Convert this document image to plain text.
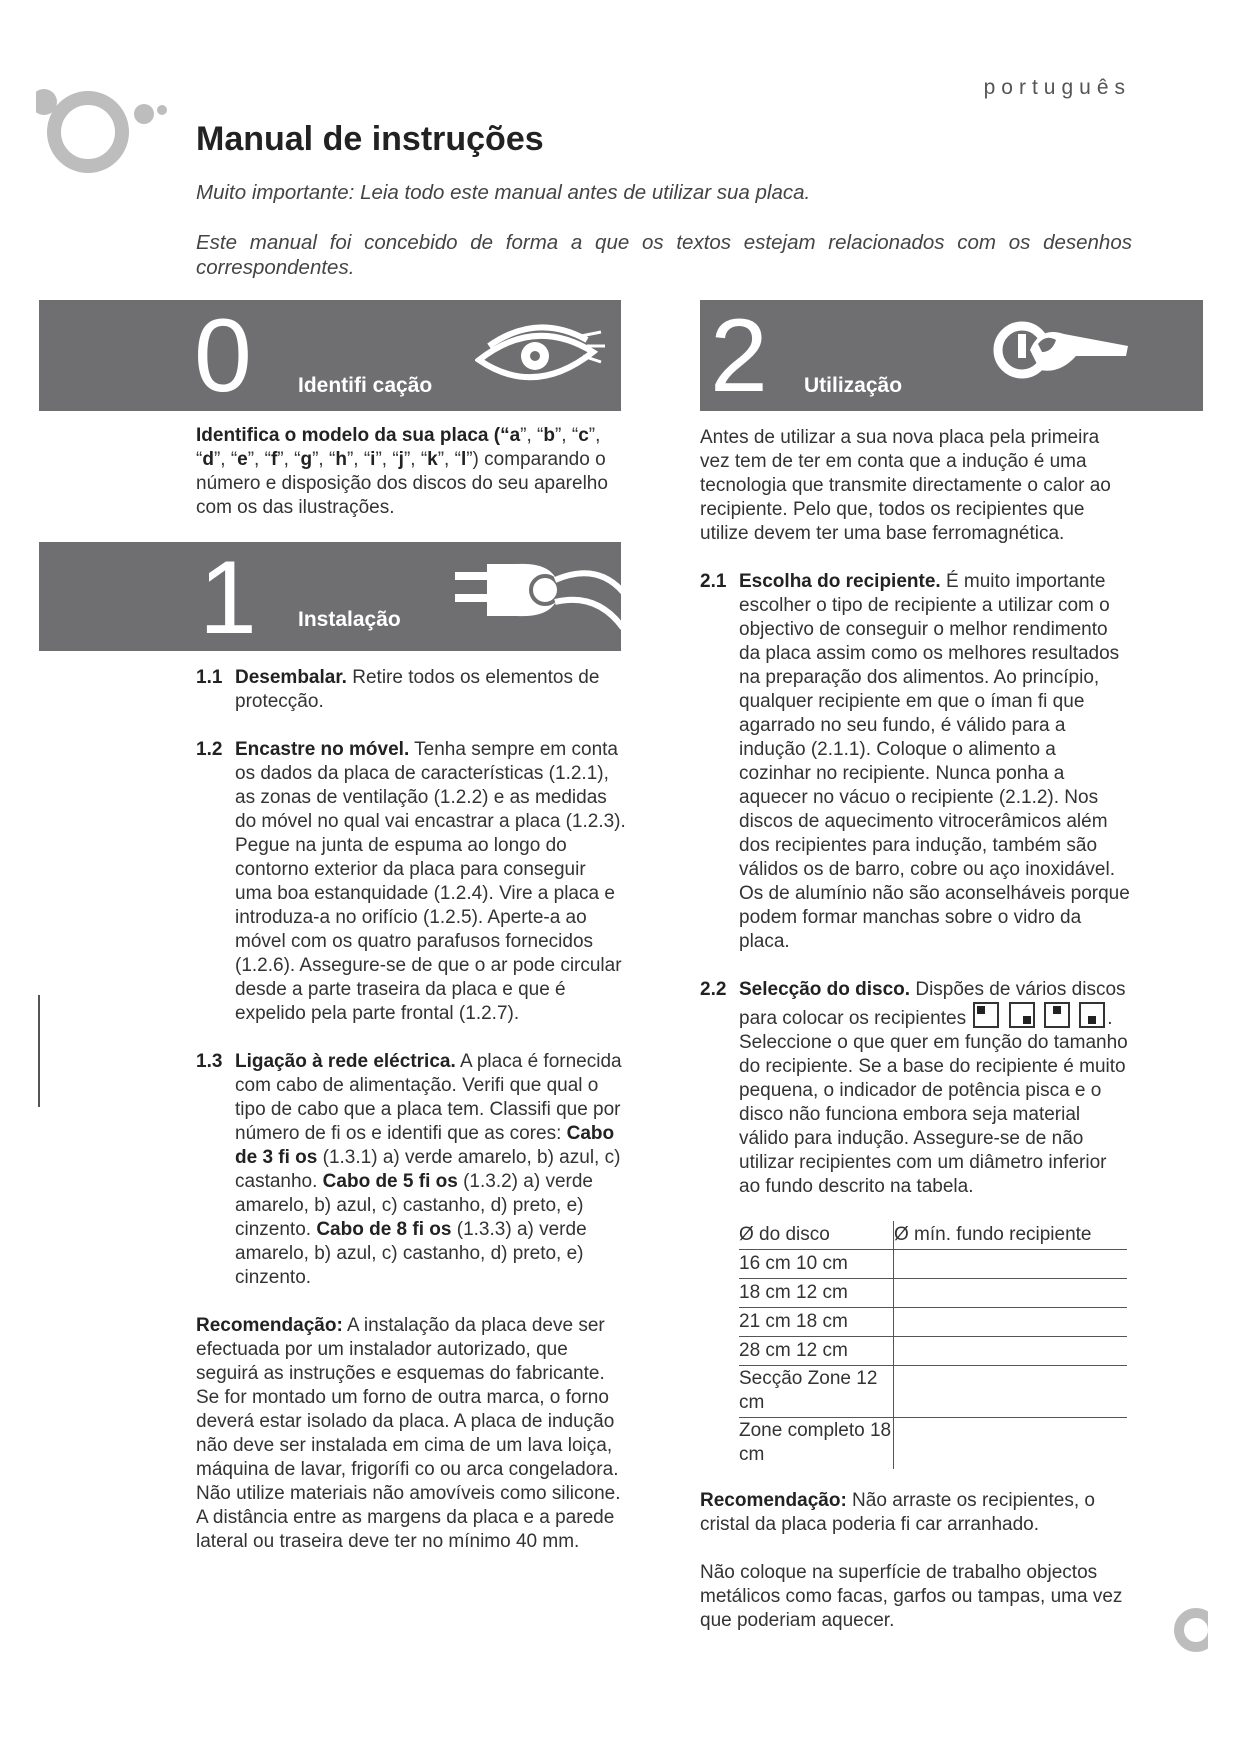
português
Manual de instruções

Muito importante: Leia todo este manual antes de utilizar sua placa.

Este manual foi concebido de forma a que os textos estejam relacionados com os desenhos correspondentes.

0 Identifi cação

Identifica o modelo da sua placa (“a”, “b”, “c”, “d”, “e”, “f”, “g”, “h”, “i”, “j”, “k”, “l”) comparando o número e disposição dos discos do seu aparelho com os das ilustrações.

1 Instalação
1.1 Desembalar. Retire todos os elementos de protecção.

1.2 Encastre no móvel. Tenha sempre em conta os dados da placa de características (1.2.1), as zonas de ventilação (1.2.2) e as medidas do móvel no qual vai encastrar a placa (1.2.3). Pegue na junta de espuma ao longo do contorno exterior da placa para conseguir uma boa estanquidade (1.2.4). Vire a placa e introduza-a no orifício (1.2.5). Aperte-a ao móvel com os quatro parafusos fornecidos (1.2.6). Assegure-se de que o ar pode circular desde a parte traseira da placa e que é expelido pela parte frontal (1.2.7).

1.3 Ligação à rede eléctrica. A placa é fornecida com cabo de alimentação. Verifi que qual o tipo de cabo que a placa tem. Classifi que por número de fi os e identifi que as cores: Cabo de 3 fi os (1.3.1) a) verde amarelo, b) azul, c) castanho. Cabo de 5 fi os (1.3.2) a) verde amarelo, b) azul, c) castanho, d) preto, e) cinzento. Cabo de 8 fi os (1.3.3) a) verde amarelo, b) azul, c) castanho, d) preto, e) cinzento.

Recomendação: A instalação da placa deve ser efectuada por um instalador autorizado, que seguirá as instruções e esquemas do fabricante. Se for montado um forno de outra marca, o forno deverá estar isolado da placa. A placa de indução não deve ser instalada em cima de um lava loiça, máquina de lavar, frigorífi co ou arca congeladora. Não utilize materiais não amovíveis como silicone. A distância entre as margens da placa e a parede lateral ou traseira deve ter no mínimo 40 mm.

2 Utilização

Antes de utilizar a sua nova placa pela primeira vez tem de ter em conta que a indução é uma tecnologia que transmite directamente o calor ao recipiente. Pelo que, todos os recipientes que utilize devem ter uma base ferromagnética.

2.1 Escolha do recipiente. É muito importante escolher o tipo de recipiente a utilizar com o objectivo de conseguir o melhor rendimento da placa assim como os melhores resultados na preparação dos alimentos. Ao princípio, qualquer recipiente em que o íman fi que agarrado no seu fundo, é válido para a indução (2.1.1). Coloque o alimento a cozinhar no recipiente. Nunca ponha a aquecer no vácuo o recipiente (2.1.2). Nos discos de aquecimento vitrocerâmicos além dos recipientes para indução, também são válidos os de barro, cobre ou aço inoxidável. Os de alumínio não são aconselháveis porque podem formar manchas sobre o vidro da placa.

2.2 Selecção do disco. Dispões de vários discos para colocar os recipientes

	. Seleccione o que quer em função do tamanho do recipiente. Se a base do recipiente é muito pequena, o indicador de potência pisca e o disco não funciona embora seja material válido para indução. Assegure-se de não utilizar recipientes com um diâmetro inferior ao fundo descrito na tabela.

Ø do disco	Ø mín. fundo recipiente
16 cm 10 cm	
18 cm 12 cm	
21 cm 18 cm	
28 cm 12 cm	
Secção Zone 12 cm	
Zone completo 18 cm	

Recomendação: Não arraste os recipientes, o cristal da placa poderia fi car arranhado.

Não coloque na superfície de trabalho objectos metálicos como facas, garfos ou tampas, uma vez que poderiam aquecer.
